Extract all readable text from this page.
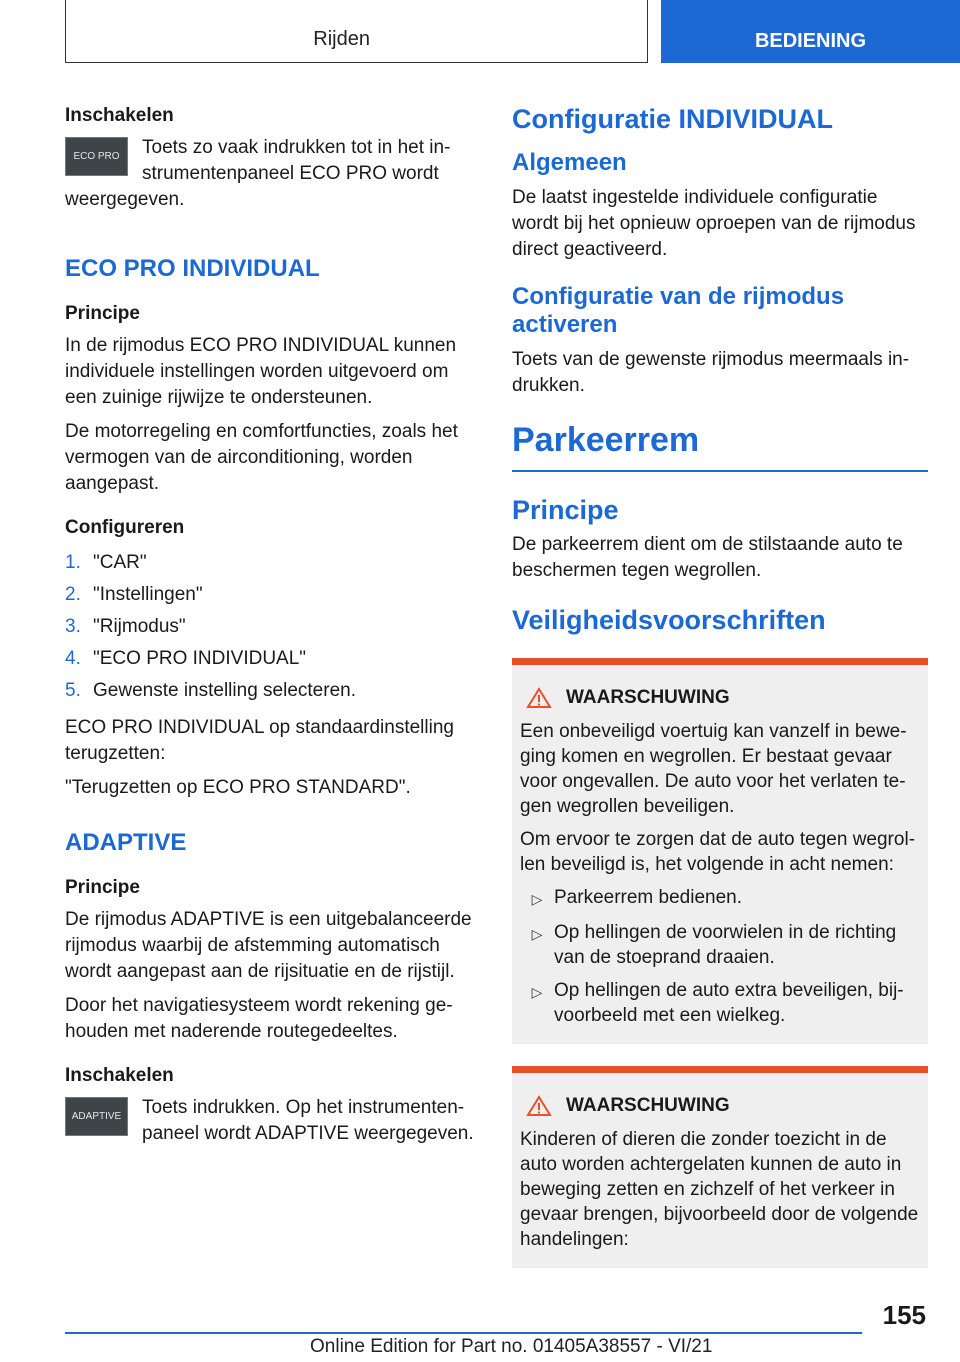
Rijden	BEDIENING
Inschakelen
ECO PRO	Toets zo vaak indrukken tot in het instrumentenpaneel ECO PRO wordt weergegeven.

ECO PRO INDIVIDUAL
Principe

In de rijmodus ECO PRO INDIVIDUAL kunnen individuele instellingen worden uitgevoerd om een zuinige rijwijze te ondersteunen.

De motorregeling en comfortfuncties, zoals het vermogen van de airconditioning, worden aangepast.

Configureren
1. "CAR"
2. "Instellingen"
3. "Rijmodus"
4. "ECO PRO INDIVIDUAL"
5. Gewenste instelling selecteren.

ECO PRO INDIVIDUAL op standaardinstelling terugzetten:

"Terugzetten op ECO PRO STANDARD".

ADAPTIVE
Principe

De rijmodus ADAPTIVE is een uitgebalanceerde rijmodus waarbij de afstemming automatisch wordt aangepast aan de rijsituatie en de rijstijl.

Door het navigatiesysteem wordt rekening gehouden met naderende routegedeeltes.

Inschakelen
ADAPTIVE	Toets indrukken. Op het instrumentenpaneel wordt ADAPTIVE weergegeven.

Configuratie INDIVIDUAL
Algemeen

De laatst ingestelde individuele configuratie wordt bij het opnieuw oproepen van de rijmodus direct geactiveerd.

Configuratie van de rijmodus activeren

Toets van de gewenste rijmodus meermaals indrukken.

Parkeerrem
Principe

De parkeerrem dient om de stilstaande auto te beschermen tegen wegrollen.

Veiligheidsvoorschriften
WAARSCHUWING

Een onbeveiligd voertuig kan vanzelf in beweging komen en wegrollen. Er bestaat gevaar voor ongevallen. De auto voor het verlaten tegen wegrollen beveiligen.

Om ervoor te zorgen dat de auto tegen wegrollen beveiligd is, het volgende in acht nemen:

▷ Parkeerrem bedienen.
▷ Op hellingen de voorwielen in de richting van de stoeprand draaien.
▷ Op hellingen de auto extra beveiligen, bijvoorbeeld met een wielkeg.
WAARSCHUWING

Kinderen of dieren die zonder toezicht in de auto worden achtergelaten kunnen de auto in beweging zetten en zichzelf of het verkeer in gevaar brengen, bijvoorbeeld door de volgende handelingen:

155
Online Edition for Part no. 01405A38557 - VI/21
